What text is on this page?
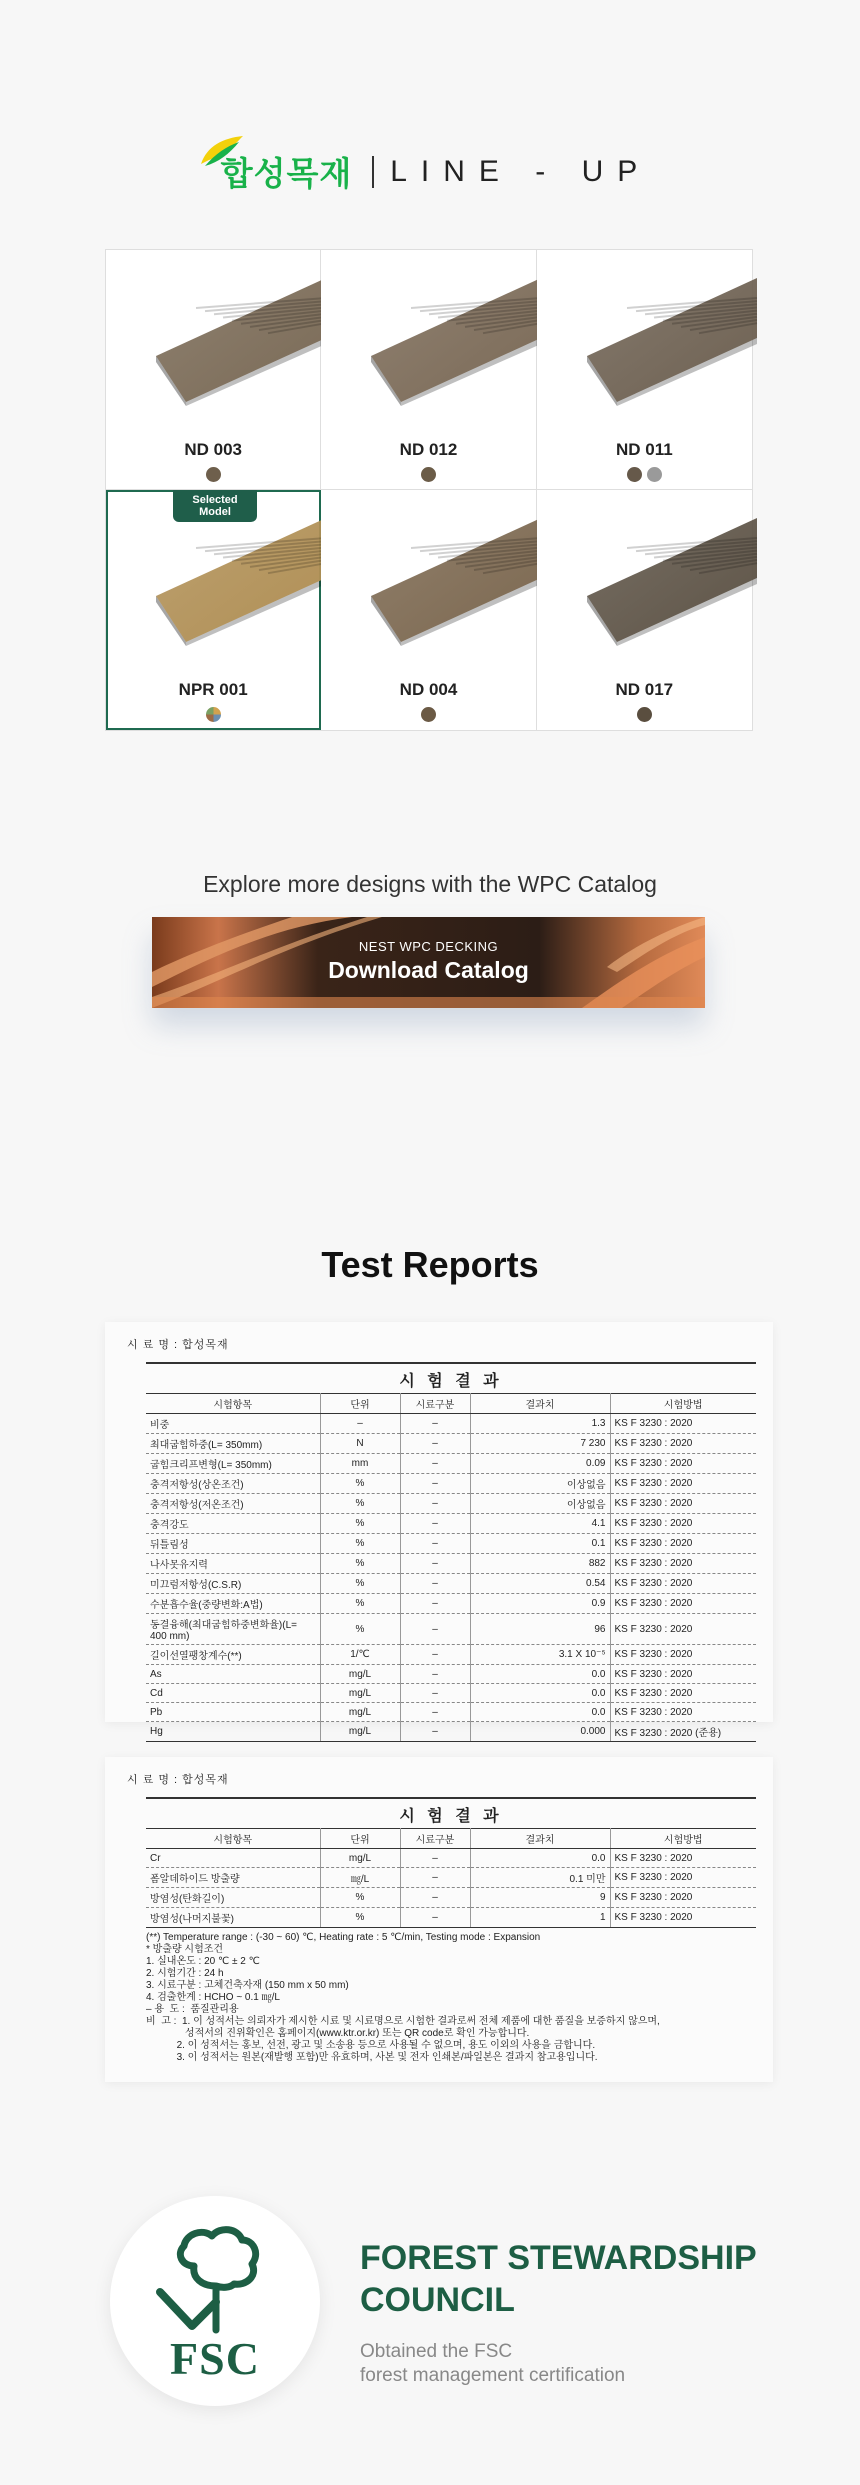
합성목재 LINE - UP
ND 003	ND 012	ND 011
Selected
Model
NPR 001	ND 004	ND 017
Explore more designs with the WPC Catalog
NEST WPC DECKING
Download Catalog
Test Reports
시 료 명 : 합성목재
시 험 결 과
시험항목	단위	시료구분	결과치	시험방법
비중	–	–	1.3	KS F 3230 : 2020
최대굽힘하중(L= 350mm)	N	–	7 230	KS F 3230 : 2020
굽힘크리프변형(L= 350mm)	mm	–	0.09	KS F 3230 : 2020
충격저항성(상온조건)	%	–	이상없음	KS F 3230 : 2020
충격저항성(저온조건)	%	–	이상없음	KS F 3230 : 2020
충격강도	%	–	4.1	KS F 3230 : 2020
뒤틀림성	%	–	0.1	KS F 3230 : 2020
나사못유지력	%	–	882	KS F 3230 : 2020
미끄럼저항성(C.S.R)	%	–	0.54	KS F 3230 : 2020
수분흡수율(중량변화:A법)	%	–	0.9	KS F 3230 : 2020
동결융해(최대굽힘하중변화율)(L= 400 mm)	%	–	96	KS F 3230 : 2020
길이선열팽창계수(**)	1/℃	–	3.1 X 10⁻⁵	KS F 3230 : 2020
As	mg/L	–	0.0	KS F 3230 : 2020
Cd	mg/L	–	0.0	KS F 3230 : 2020
Pb	mg/L	–	0.0	KS F 3230 : 2020
Hg	mg/L	–	0.000	KS F 3230 : 2020 (준용)
시 료 명 : 합성목재
시 험 결 과
시험항목	단위	시료구분	결과치	시험방법
Cr	mg/L	–	0.0	KS F 3230 : 2020
폼알데하이드 방출량	㎎/L	–	0.1 미만	KS F 3230 : 2020
방염성(탄화길이)	%	–	9	KS F 3230 : 2020
방염성(나머지불꽃)	%	–	1	KS F 3230 : 2020
(**) Temperature range : (-30 ~ 60) ℃, Heating rate : 5 ℃/min, Testing mode : Expansion
* 방출량 시험조건
1. 실내온도 : 20 ℃ ± 2 ℃
2. 시험기간 : 24 h
3. 시료구분 : 고체건축자재 (150 mm x 50 mm)
4. 검출한계 : HCHO ~ 0.1 ㎎/L
– 용  도 :  품질관리용
비  고 :  1. 이 성적서는 의뢰자가 제시한 시료 및 시료명으로 시험한 결과로써 전체 제품에 대한 품질을 보증하지 않으며,
성적서의 진위확인은 홈페이지(www.ktr.or.kr) 또는 QR code로 확인 가능합니다.
2. 이 성적서는 홍보, 선전, 광고 및 소송용 등으로 사용될 수 없으며, 용도 이외의 사용을 금합니다.
3. 이 성적서는 원본(재발행 포함)만 유효하며, 사본 및 전자 인쇄본/파일본은 결과지 참고용입니다.
FSC
FOREST STEWARDSHIP
COUNCIL
Obtained the FSC
forest management certification
